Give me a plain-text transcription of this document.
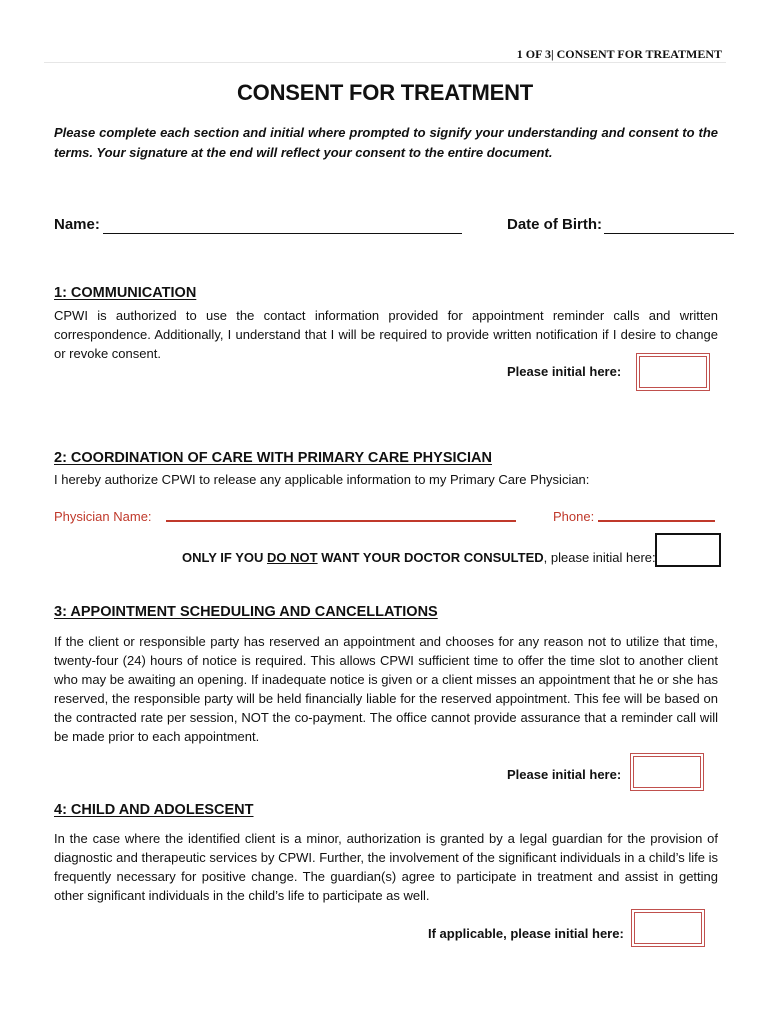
1 OF 3| CONSENT FOR TREATMENT
CONSENT FOR TREATMENT
Please complete each section and initial where prompted to signify your understanding and consent to the terms. Your signature at the end will reflect your consent to the entire document.
Name:	Date of Birth:
1: COMMUNICATION
CPWI is authorized to use the contact information provided for appointment reminder calls and written correspondence. Additionally, I understand that I will be required to provide written notification if I desire to change or revoke consent.
Please initial here:
2: COORDINATION OF CARE WITH PRIMARY CARE PHYSICIAN
I hereby authorize CPWI to release any applicable information to my Primary Care Physician:
Physician Name:	Phone:
ONLY IF YOU DO NOT WANT YOUR DOCTOR CONSULTED, please initial here:
3: APPOINTMENT SCHEDULING AND CANCELLATIONS
If the client or responsible party has reserved an appointment and chooses for any reason not to utilize that time, twenty-four (24) hours of notice is required. This allows CPWI sufficient time to offer the time slot to another client who may be awaiting an opening. If inadequate notice is given or a client misses an appointment that he or she has reserved, the responsible party will be held financially liable for the reserved appointment. This fee will be based on the contracted rate per session, NOT the co-payment. The office cannot provide assurance that a reminder call will be made prior to each appointment.
Please initial here:
4: CHILD AND ADOLESCENT
In the case where the identified client is a minor, authorization is granted by a legal guardian for the provision of diagnostic and therapeutic services by CPWI. Further, the involvement of the significant individuals in a child’s life is frequently necessary for positive change. The guardian(s) agree to participate in treatment and assist in getting other significant individuals in the child’s life to participate as well.
If applicable, please initial here:
